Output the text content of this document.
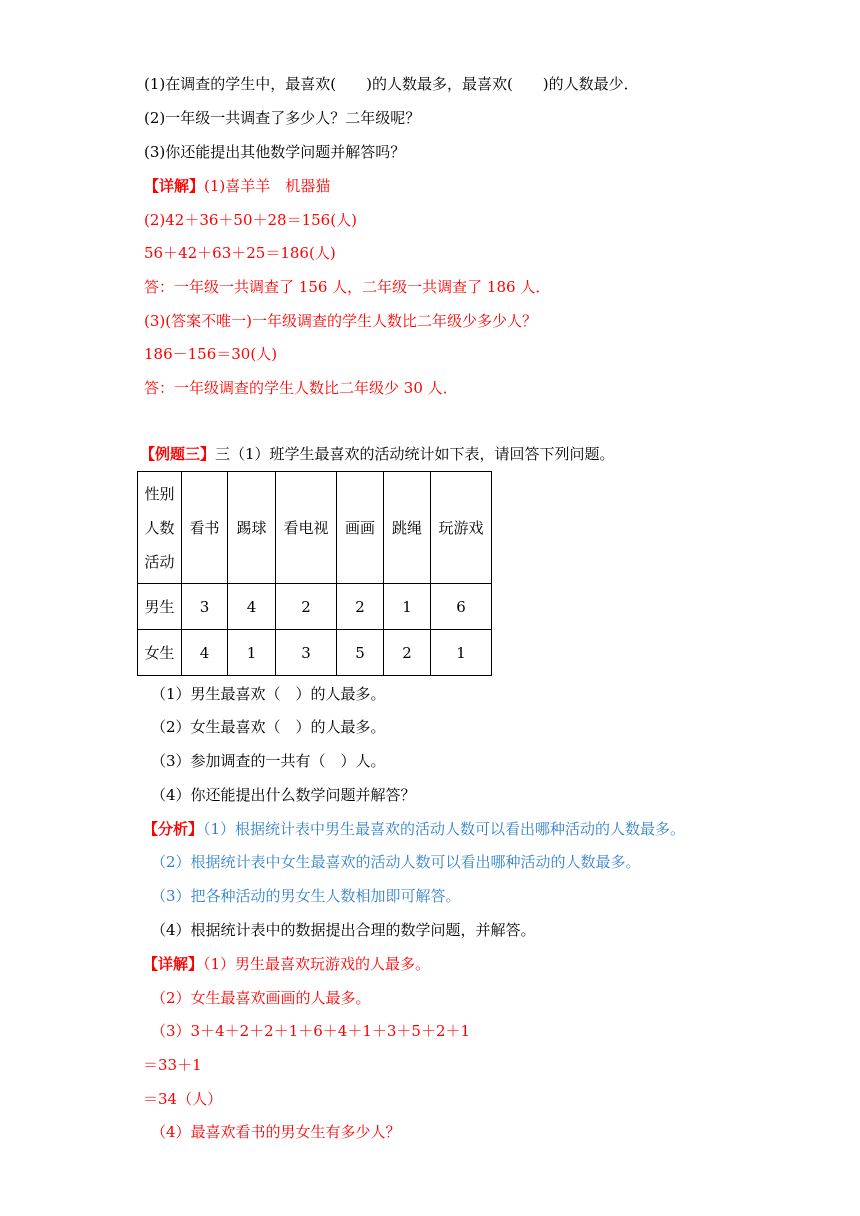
(1)在调查的学生中，最喜欢(　　)的人数最多，最喜欢(　　)的人数最少．
(2)一年级一共调查了多少人？二年级呢？
(3)你还能提出其他数学问题并解答吗？
【详解】(1)喜羊羊　机器猫
(2)42＋36＋50＋28＝156(人)
56＋42＋63＋25＝186(人)
答：一年级一共调查了 156 人，二年级一共调查了 186 人．
(3)(答案不唯一)一年级调查的学生人数比二年级少多少人？
186－156＝30(人)
答：一年级调查的学生人数比二年级少 30 人．
【例题三】三（1）班学生最喜欢的活动统计如下表，请回答下列问题。
性别
人数
活动	看书	踢球	看电视	画画	跳绳	玩游戏
男生	3	4	2	2	1	6
女生	4	1	3	5	2	1
（1）男生最喜欢（　）的人最多。
（2）女生最喜欢（　）的人最多。
（3）参加调查的一共有（　）人。
（4）你还能提出什么数学问题并解答？
【分析】（1）根据统计表中男生最喜欢的活动人数可以看出哪种活动的人数最多。
（2）根据统计表中女生最喜欢的活动人数可以看出哪种活动的人数最多。
（3）把各种活动的男女生人数相加即可解答。
（4）根据统计表中的数据提出合理的数学问题，并解答。
【详解】（1）男生最喜欢玩游戏的人最多。
（2）女生最喜欢画画的人最多。
（3）3＋4＋2＋2＋1＋6＋4＋1＋3＋5＋2＋1
＝33＋1
＝34（人）
（4）最喜欢看书的男女生有多少人？
